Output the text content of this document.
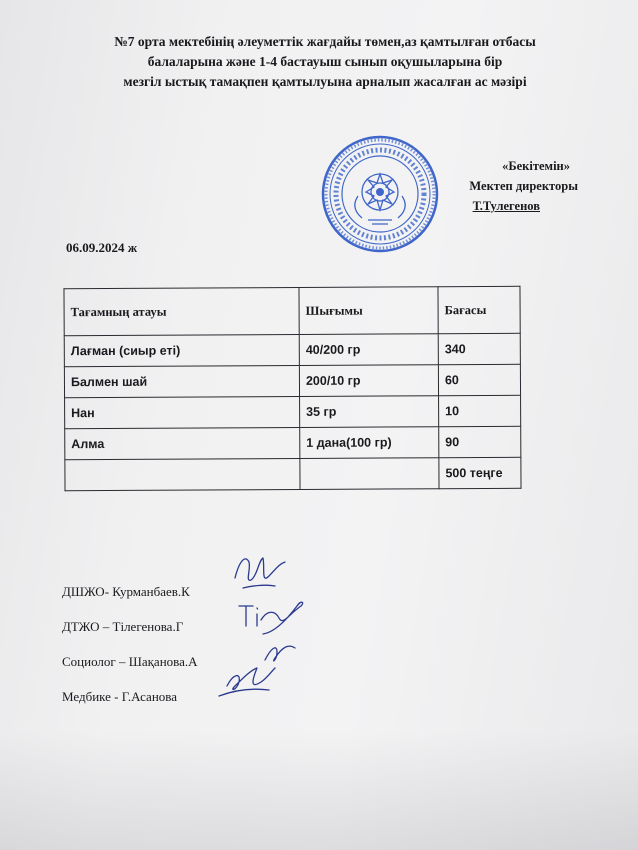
№7 орта мектебінің әлеуметтік жағдайы төмен,аз қамтылған отбасы
балаларына және 1-4 бастауыш сынып оқушыларына бір
мезгіл ыстық тамақпен қамтылуына арналып жасалған ас мәзірі
«Бекітемін»
Мектеп директоры
Т.Тулегенов
06.09.2024 ж
Тағамның атауы	Шығымы	Бағасы
Лағман (сиыр еті)	40/200 гр	340
Балмен шай	200/10 гр	60
Нан	35 гр	10
Алма	1 дана(100 гр)	90
		500 теңге
ДШЖО- Курманбаев.К
ДТЖО – Тілегенова.Г
Социолог – Шақанова.А
Медбике - Г.Асанова
